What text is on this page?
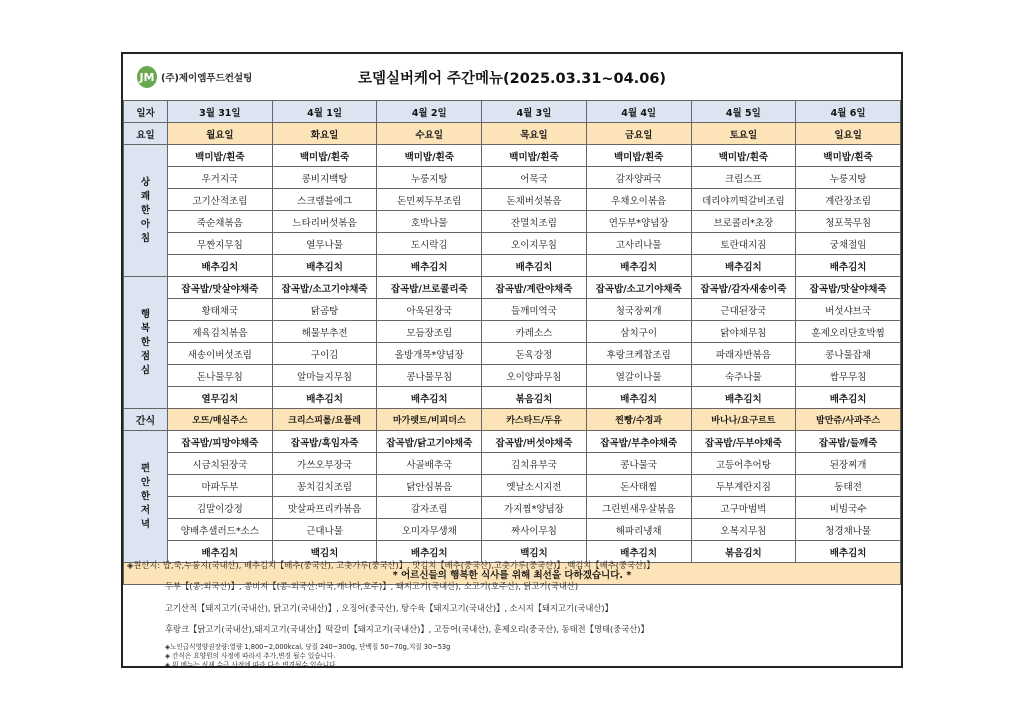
JM (주)제이엠푸드컨설팅	로뎀실버케어 주간메뉴(2025.03.31~04.06)
일자	3월 31일	4월 1일	4월 2일	4월 3일	4월 4일	4월 5일	4월 6일
요일	월요일	화요일	수요일	목요일	금요일	토요일	일요일

상
쾌
한
아
침	백미밥/흰죽	백미밥/흰죽	백미밥/흰죽	백미밥/흰죽	백미밥/흰죽	백미밥/흰죽	백미밥/흰죽
	우거지국	콩비지백탕	누룽지탕	어묵국	감자양파국	크림스프	누룽지탕
	고기산적조림	스크램블에그	돈민찌두부조림	돈채버섯볶음	우채오이볶음	데리야끼떡갈비조림	계란장조림
	죽순채볶음	느타리버섯볶음	호박나물	잔멸치조림	연두부*양념장	브로콜리*초장	청포묵무침
	무짠지무침	열무나물	도시락김	오이지무침	고사리나물	토란대지짐	궁채절임
	배추김치	배추김치	배추김치	배추김치	배추김치	배추김치	배추김치

행
복
한
점
심	잡곡밥/맛살야채죽	잡곡밥/소고기야채죽	잡곡밥/브로콜리죽	잡곡밥/계란야채죽	잡곡밥/소고기야채죽	잡곡밥/감자새송이죽	잡곡밥/맛살야채죽
	황태채국	닭곰탕	아욱된장국	들깨미역국	청국장찌개	근대된장국	버섯샤브국
	제육김치볶음	해물부추전	모듬장조림	카레소스	삼치구이	닭야채무침	훈제오리단호박찜
	새송이버섯조림	구이김	올방개묵*양념장	돈육강정	후랑크케찹조림	파래자반볶음	콩나물잡채
	돈나물무침	알마늘지무침	콩나물무침	오이양파무침	열갈이나물	숙주나물	쌈무무침
	열무김치	배추김치	배추김치	볶음김치	배추김치	배추김치	배추김치
간식	오뜨/매실주스	크리스피롤/요플레	마가렛트/비피더스	카스타드/두유	찐빵/수정과	바나나/요구르트	밤만쥬/사과주스

편
안
한
저
녁	잡곡밥/피망야채죽	잡곡밥/흑임자죽	잡곡밥/닭고기야채죽	잡곡밥/버섯야채죽	잡곡밥/부추야채죽	잡곡밥/두부야채죽	잡곡밥/들깨죽
	시금치된장국	가쓰오부장국	사골배추국	김치유부국	콩나물국	고등어추어탕	된장찌개
	마파두부	꽁치김치조림	닭안심볶음	옛날소시지전	돈사태찜	두부계란지짐	동태전
	김말이강정	맛살파프리카볶음	감자조림	가지찜*양념장	그린빈새우살볶음	고구마범벅	비빔국수
	양배추샐러드*소스	근대나물	오미자무생채	짜사이무침	해파리냉채	오복지무침	청경채나물
	배추김치	백김치	배추김치	백김치	배추김치	볶음김치	배추김치
* 어르신들의 행복한 식사를 위해 최선을 다하겠습니다. *							
◈원산지: 밥,죽,누룽지(국내산), 배추김치【배추(중국산), 고춧가루(중국산)】, 맛김치【배추(중국산),고춧가루(중국산)】,백김치【배추(중국산)】
두부【(콩:외국산)】, 콩비지【(콩-외국산:미국,캐나다,호주)】, 돼지고기(국내산), 소고기(호주산), 닭고기(국내산)
고기산적【돼지고기(국내산), 닭고기(국내산)】, 오징어(중국산), 탕수육【돼지고기(국내산)】, 소시지【돼지고기(국내산)】
후랑크【닭고기(국내산),돼지고기(국내산)】떡갈비【돼지고기(국내산)】, 고등어(국내산), 훈제오리(중국산), 동태전【명태(중국산)】
◈노인급식영양권장량:열량 1,800~2,000kcal, 당질 240~300g, 단백질 50~70g,지질 30~53g
◈ 간식은 요양원의 사정에 따라서 추가,변경 될수 있습니다.
◈ 위 메뉴는 식재 수급 사정에 따라 다소 변경될수 있습니다.
